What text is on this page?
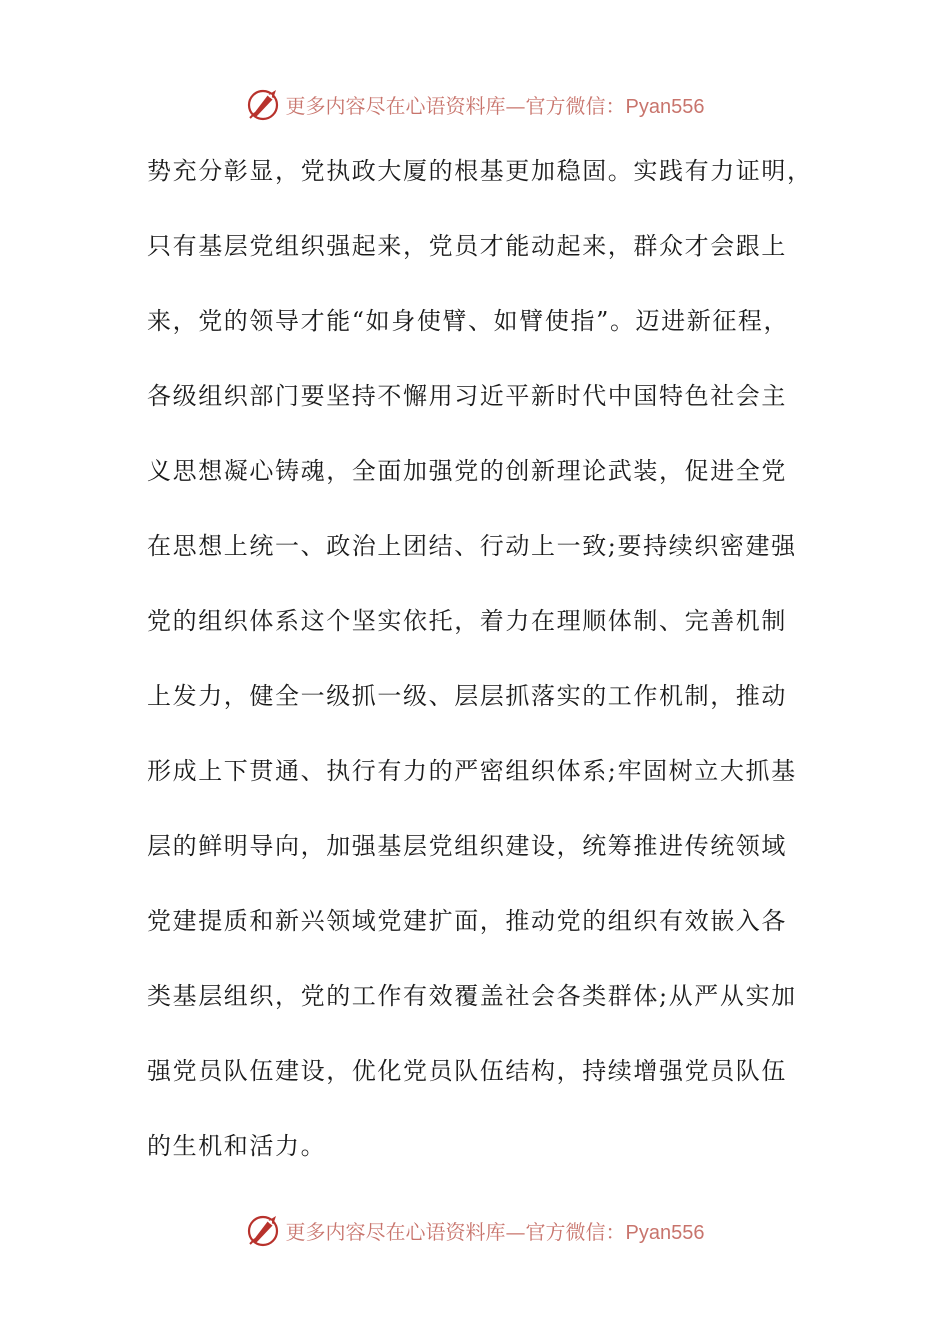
更多内容尽在心语资料库—官方微信：Pyan556
势充分彰显，党执政大厦的根基更加稳固。实践有力证明，
只有基层党组织强起来，党员才能动起来，群众才会跟上
来，党的领导才能“如身使臂、如臂使指”。迈进新征程，
各级组织部门要坚持不懈用习近平新时代中国特色社会主
义思想凝心铸魂，全面加强党的创新理论武装，促进全党
在思想上统一、政治上团结、行动上一致;要持续织密建强
党的组织体系这个坚实依托，着力在理顺体制、完善机制
上发力，健全一级抓一级、层层抓落实的工作机制，推动
形成上下贯通、执行有力的严密组织体系;牢固树立大抓基
层的鲜明导向，加强基层党组织建设，统筹推进传统领域
党建提质和新兴领域党建扩面，推动党的组织有效嵌入各
类基层组织，党的工作有效覆盖社会各类群体;从严从实加
强党员队伍建设，优化党员队伍结构，持续增强党员队伍
的生机和活力。
更多内容尽在心语资料库—官方微信：Pyan556
